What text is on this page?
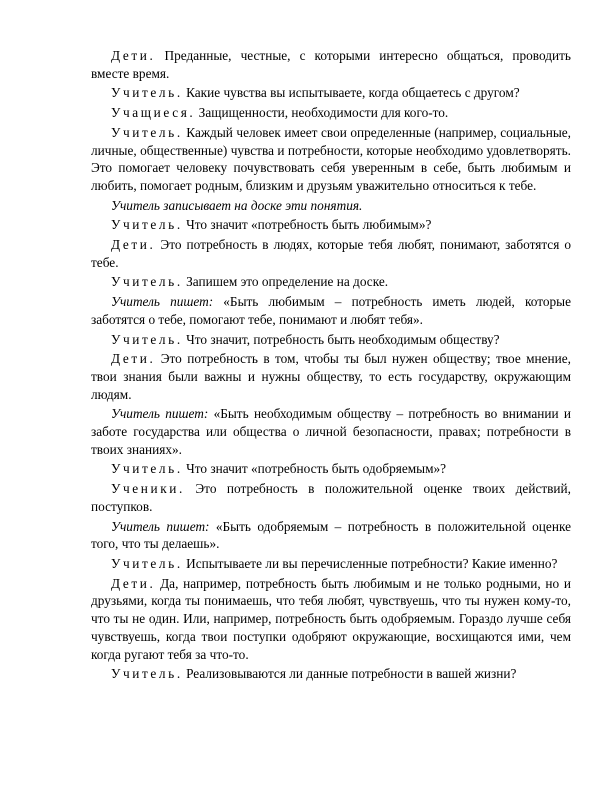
Дети. Преданные, честные, с которыми интересно общаться, проводить вместе время.

Учитель. Какие чувства вы испытываете, когда общаетесь с другом?

Учащиеся. Защищенности, необходимости для кого-то.

Учитель. Каждый человек имеет свои определенные (например, социальные, личные, общественные) чувства и потребности, которые необходимо удовлетворять. Это помогает человеку почувствовать себя уверенным в себе, быть любимым и любить, помогает родным, близким и друзьям уважительно относиться к тебе.

Учитель записывает на доске эти понятия.

Учитель. Что значит «потребность быть любимым»?

Дети. Это потребность в людях, которые тебя любят, понимают, заботятся о тебе.

Учитель. Запишем это определение на доске.

Учитель пишет: «Быть любимым – потребность иметь людей, которые заботятся о тебе, помогают тебе, понимают и любят тебя».

Учитель. Что значит, потребность быть необходимым обществу?

Дети. Это потребность в том, чтобы ты был нужен обществу; твое мнение, твои знания были важны и нужны обществу, то есть государству, окружающим людям.

Учитель пишет: «Быть необходимым обществу – потребность во внимании и заботе государства или общества о личной безопасности, правах; потребности в твоих знаниях».

Учитель. Что значит «потребность быть одобряемым»?

Ученики. Это потребность в положительной оценке твоих действий, поступков.

Учитель пишет: «Быть одобряемым – потребность в положительной оценке того, что ты делаешь».

Учитель. Испытываете ли вы перечисленные потребности? Какие именно?

Дети. Да, например, потребность быть любимым и не только родными, но и друзьями, когда ты понимаешь, что тебя любят, чувствуешь, что ты нужен кому-то, что ты не один. Или, например, потребность быть одобряемым. Гораздо лучше себя чувствуешь, когда твои поступки одобряют окружающие, восхищаются ими, чем когда ругают тебя за что-то.

Учитель. Реализовываются ли данные потребности в вашей жизни?
